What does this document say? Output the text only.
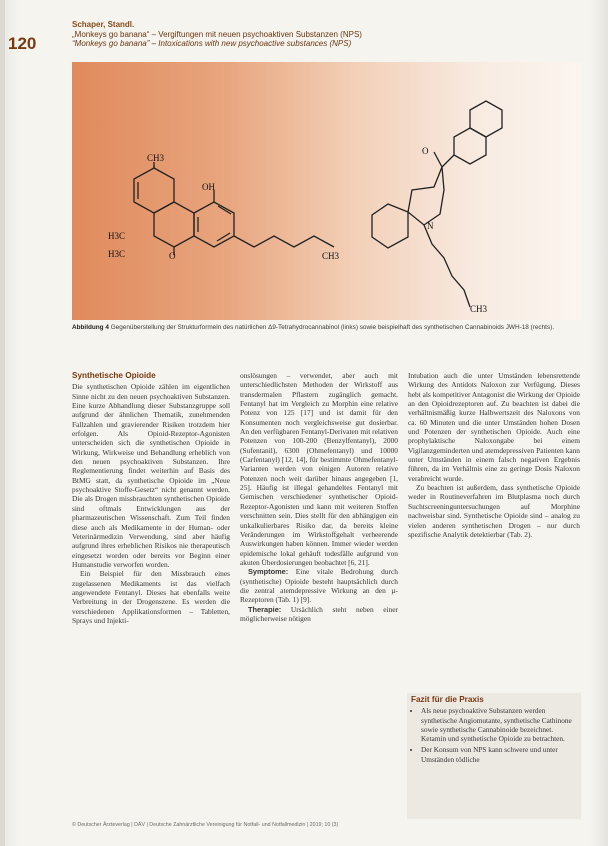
120
Schaper, Standl.
„Monkeys go banana“ – Vergiftungen mit neuen psychoaktiven Substanzen (NPS)
“Monkeys go banana” – Intoxications with new psychoactive substances (NPS)
CH3
OH
H3C
H3C	O	CH3
O
N
CH3
Abbildung 4 Gegenüberstellung der Strukturformeln des natürlichen Δ9-Tetrahydrocannabinol (links) sowie beispielhaft des synthetischen Cannabinoids JWH-18 (rechts).
Synthetische Opioide

Die synthetischen Opioide zählen im eigentlichen Sinne nicht zu den neuen psychoaktiven Substanzen. Eine kurze Abhandlung dieser Substanzgruppe soll aufgrund der ähnlichen Thematik, zunehmenden Fallzahlen und gravierender Risiken trotzdem hier erfolgen. Als Opioid-Rezeptor-Agonisten unterscheiden sich die synthetischen Opioide in Wirkung, Wirkweise und Behandlung erheblich von den neuen psychoaktiven Substanzen. Ihre Reglementierung findet weiterhin auf Basis des BtMG statt, da synthetische Opioide im „Neue psychoaktive Stoffe-Gesetz“ nicht genannt werden. Die als Drogen missbrauchten synthetischen Opioide sind oftmals Entwicklungen aus der pharmazeutischen Wissenschaft. Zum Teil finden diese auch als Medikamente in der Human- oder Veterinärmedizin Verwendung, sind aber häufig aufgrund ihres erheblichen Risikos nie therapeutisch eingesetzt worden oder bereits vor Beginn einer Humanstudie verworfen worden.

Ein Beispiel für den Missbrauch eines zugelassenen Medikaments ist das vielfach angewendete Fentanyl. Dieses hat ebenfalls weite Verbreitung in der Drogenszene. Es werden die verschiedenen Applikationsformen – Tabletten, Sprays und Injekti-

onslösungen – verwendet, aber auch mit unterschiedlichsten Methoden der Wirkstoff aus transdermalen Pflastern zugänglich gemacht. Fentanyl hat im Vergleich zu Morphin eine relative Potenz von 125 [17] und ist damit für den Konsumenten noch vergleichsweise gut dosierbar. An den verfügbaren Fentanyl-Derivaten mit relativen Potenzen von 100-200 (Benzylfentanyl), 2000 (Sufentanil), 6300 (Ohmefentanyl) und 10000 (Carfentanyl) [12, 14], für bestimmte Ohmefentanyl-Varianten werden von einigen Autoren relative Potenzen noch weit darüber hinaus angegeben [1, 25]. Häufig ist illegal gehandeltes Fentanyl mit Gemischen verschiedener synthetischer Opioid-Rezeptor-Agonisten und kann mit weiteren Stoffen verschnitten sein. Dies stellt für den abhängigen ein unkalkulierbares Risiko dar, da bereits kleine Veränderungen im Wirkstoffgehalt verheerende Auswirkungen haben können. Immer wieder werden epidemische lokal gehäuft todesfälle aufgrund von akuten Überdosierungen beobachtet [6, 21].

Symptome: Eine vitale Bedrohung durch (synthetische) Opioide besteht hauptsächlich durch die zentral atemdepressive Wirkung an den µ-Rezeptoren (Tab. 1) [9].

Therapie: Ursächlich steht neben einer möglicherweise nötigen

Intubation auch die unter Umständen lebensrettende Wirkung des Antidots Naloxon zur Verfügung. Dieses hebt als kompetitiver Antagonist die Wirkung der Opioide an den Opioidrezeptoren auf. Zu beachten ist dabei die verhältnismäßig kurze Halbwertszeit des Naloxons von ca. 60 Minuten und die unter Umständen hohen Dosen und Potenzen der synthetischen Opioide. Auch eine prophylaktische Naloxongabe bei einem Vigilanzgeminderten und atemdepressiven Patienten kann unter Umständen in einem falsch negativen Ergebnis führen, da im Verhältnis eine zu geringe Dosis Naloxon verabreicht wurde.

Zu beachten ist außerdem, dass synthetische Opioide weder in Routineverfahren im Blutplasma noch durch Suchtscreeninguntersuchungen auf Morphine nachweisbar sind. Synthetische Opioide sind – analog zu vielen anderen synthetischen Drogen – nur durch spezifische Analytik detektierbar (Tab. 2).

Fazit für die Praxis
• Als neue psychoaktive Substanzen werden synthetische Angiomutante, synthetische Cathinone sowie synthetische Cannabinoide bezeichnet. Ketamin und synthetische Opioide zu betrachten.
• Der Konsum von NPS kann schwere und unter Umständen tödliche
© Deutscher Ärzteverlag | DÄV | Deutsche Zahnärztliche Vereinigung für Notfall- und Notfallmedizin | 2019; 10 (3)
